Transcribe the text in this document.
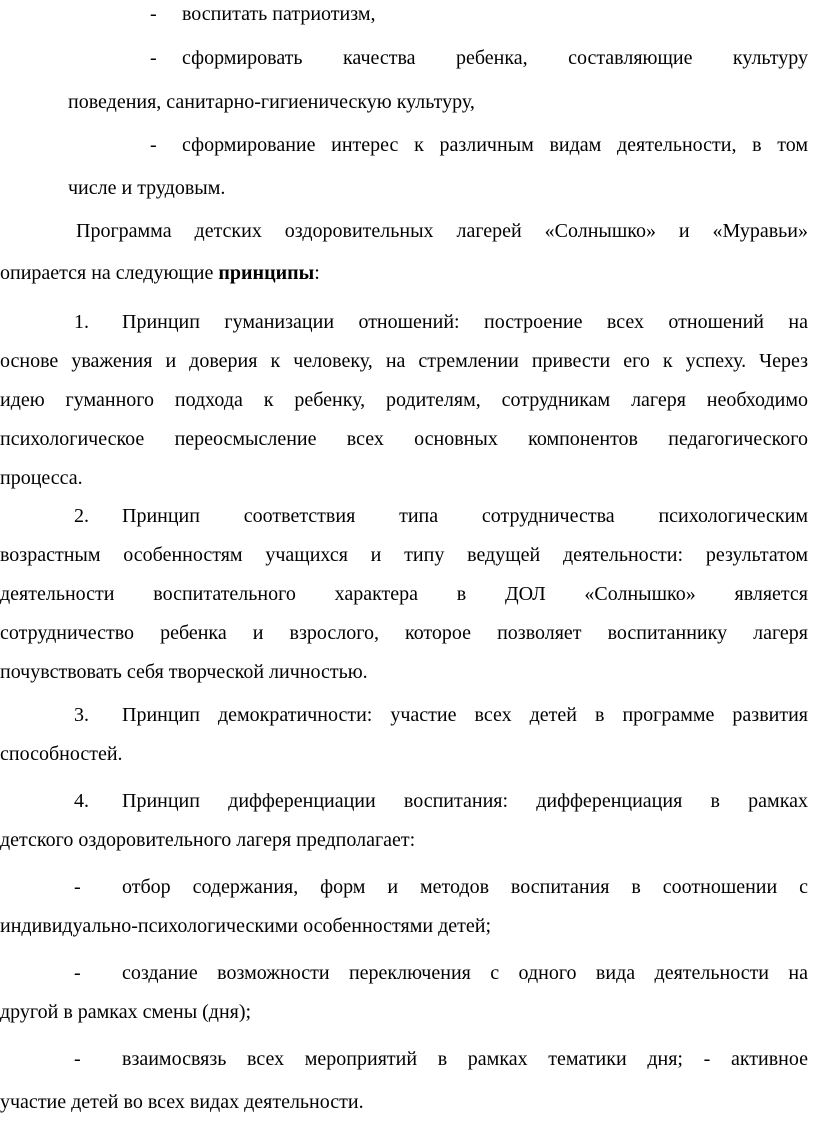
- воспитать патриотизм,
- сформировать качества ребенка, составляющие культуру
поведения, санитарно-гигиеническую культуру,
- сформирование интерес к различным видам деятельности, в том
числе и трудовым.
Программа детских оздоровительных лагерей «Солнышко» и «Муравьи»
опирается на следующие принципы:
1. Принцип гуманизации отношений: построение всех отношений на
основе уважения и доверия к человеку, на стремлении привести его к успеху. Через
идею гуманного подхода к ребенку, родителям, сотрудникам лагеря необходимо
психологическое переосмысление всех основных компонентов педагогического
процесса.
2. Принцип соответствия типа сотрудничества психологическим
возрастным особенностям учащихся и типу ведущей деятельности: результатом
деятельности воспитательного характера в ДОЛ «Солнышко» является
сотрудничество ребенка и взрослого, которое позволяет воспитаннику лагеря
почувствовать себя творческой личностью.
3. Принцип демократичности: участие всех детей в программе развития
способностей.
4. Принцип дифференциации воспитания: дифференциация в рамках
детского оздоровительного лагеря предполагает:
- отбор содержания, форм и методов воспитания в соотношении с
индивидуально-психологическими особенностями детей;
- создание возможности переключения с одного вида деятельности на
другой в рамках смены (дня);
- взаимосвязь всех мероприятий в рамках тематики дня; - активное
участие детей во всех видах деятельности.
